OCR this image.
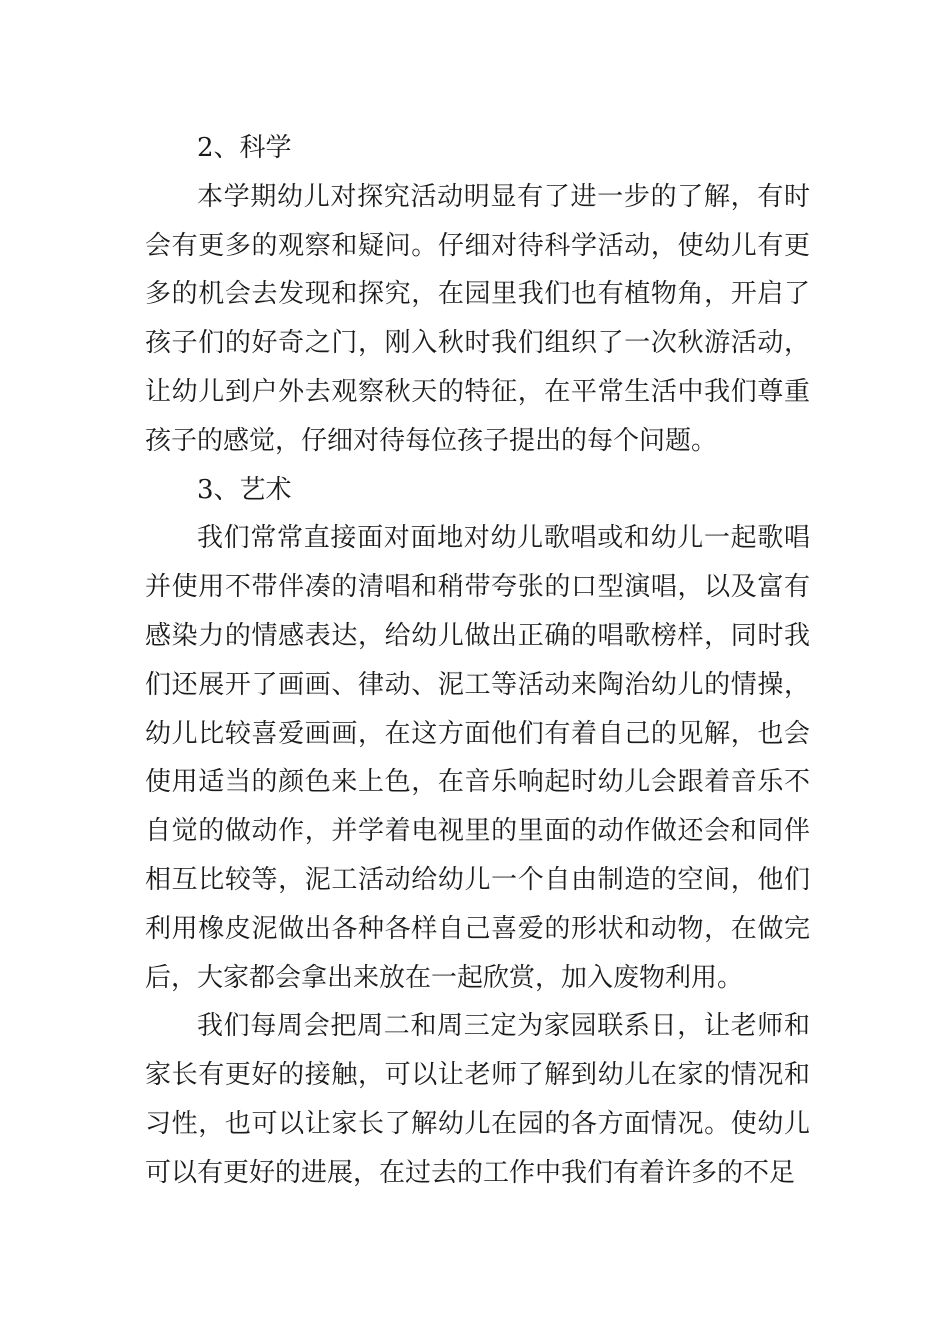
2、科学

本学期幼儿对探究活动明显有了进一步的了解，有时会有更多的观察和疑问。仔细对待科学活动，使幼儿有更多的机会去发现和探究，在园里我们也有植物角，开启了孩子们的好奇之门，刚入秋时我们组织了一次秋游活动，让幼儿到户外去观察秋天的特征，在平常生活中我们尊重孩子的感觉，仔细对待每位孩子提出的每个问题。

3、艺术

我们常常直接面对面地对幼儿歌唱或和幼儿一起歌唱并使用不带伴凑的清唱和稍带夸张的口型演唱，以及富有感染力的情感表达，给幼儿做出正确的唱歌榜样，同时我们还展开了画画、律动、泥工等活动来陶治幼儿的情操，幼儿比较喜爱画画，在这方面他们有着自己的见解，也会使用适当的颜色来上色，在音乐响起时幼儿会跟着音乐不自觉的做动作，并学着电视里的里面的动作做还会和同伴相互比较等，泥工活动给幼儿一个自由制造的空间，他们利用橡皮泥做出各种各样自己喜爱的形状和动物，在做完后，大家都会拿出来放在一起欣赏，加入废物利用。

我们每周会把周二和周三定为家园联系日，让老师和家长有更好的接触，可以让老师了解到幼儿在家的情况和习性，也可以让家长了解幼儿在园的各方面情况。使幼儿可以有更好的进展，在过去的工作中我们有着许多的不足
